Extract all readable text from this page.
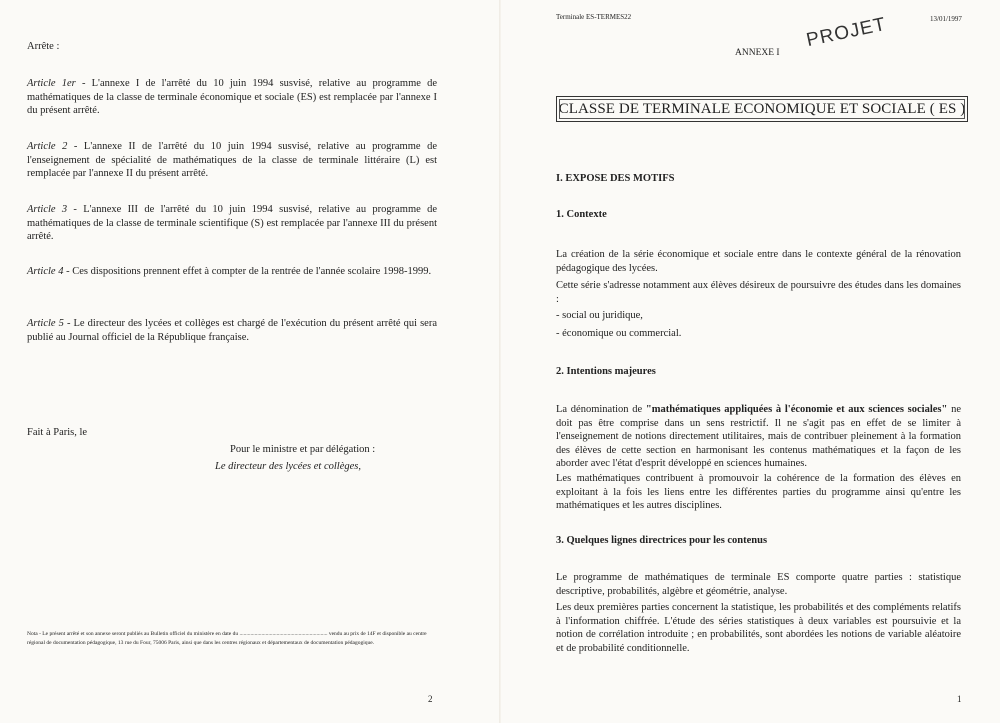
Arrête :
Article 1er - L'annexe I de l'arrêté du 10 juin 1994 susvisé, relative au programme de mathématiques de la classe de terminale économique et sociale (ES) est remplacée par l'annexe I du présent arrêté.
Article 2 - L'annexe II de l'arrêté du 10 juin 1994 susvisé, relative au programme de l'enseignement de spécialité de mathématiques de la classe de terminale littéraire (L) est remplacée par l'annexe II du présent arrêté.
Article 3 - L'annexe III de l'arrêté du 10 juin 1994 susvisé, relative au programme de mathématiques de la classe de terminale scientifique (S) est remplacée par l'annexe III du présent arrêté.
Article 4 - Ces dispositions prennent effet à compter de la rentrée de l'année scolaire 1998-1999.
Article 5 - Le directeur des lycées et collèges est chargé de l'exécution du présent arrêté qui sera publié au Journal officiel de la République française.
Fait à Paris, le
Pour le ministre et par délégation :
Le directeur des lycées et collèges,
Nota - Le présent arrêté et son annexe seront publiés au Bulletin officiel du ministère en date du ................................................................ vendu au prix de 14F et disponible au centre régional de documentation pédagogique, 13 rue du Four, 75006 Paris, ainsi que dans les centres régionaux et départementaux de documentation pédagogique.
2
Terminale ES-TERMES22	13/01/1997
ANNEXE I
PROJET
CLASSE DE TERMINALE ECONOMIQUE ET SOCIALE ( ES )
I. EXPOSE DES MOTIFS
1. Contexte
La création de la série économique et sociale entre dans le contexte général de la rénovation pédagogique des lycées.
Cette série s'adresse notamment aux élèves désireux de poursuivre des études dans les domaines :
- social ou juridique,
- économique ou commercial.
2. Intentions majeures
La dénomination de "mathématiques appliquées à l'économie et aux sciences sociales" ne doit pas être comprise dans un sens restrictif. Il ne s'agit pas en effet de se limiter à l'enseignement de notions directement utilitaires, mais de contribuer pleinement à la formation des élèves de cette section en harmonisant les contenus mathématiques et la façon de les aborder avec l'état d'esprit développé en sciences humaines.
Les mathématiques contribuent à promouvoir la cohérence de la formation des élèves en exploitant à la fois les liens entre les différentes parties du programme ainsi qu'entre les mathématiques et les autres disciplines.
3. Quelques lignes directrices pour les contenus
Le programme de mathématiques de terminale ES comporte quatre parties : statistique descriptive, probabilités, algèbre et géométrie, analyse.
Les deux premières parties concernent la statistique, les probabilités et des compléments relatifs à l'information chiffrée. L'étude des séries statistiques à deux variables est poursuivie et la notion de corrélation introduite ; en probabilités, sont abordées les notions de variable aléatoire et de probabilité conditionnelle.
1
